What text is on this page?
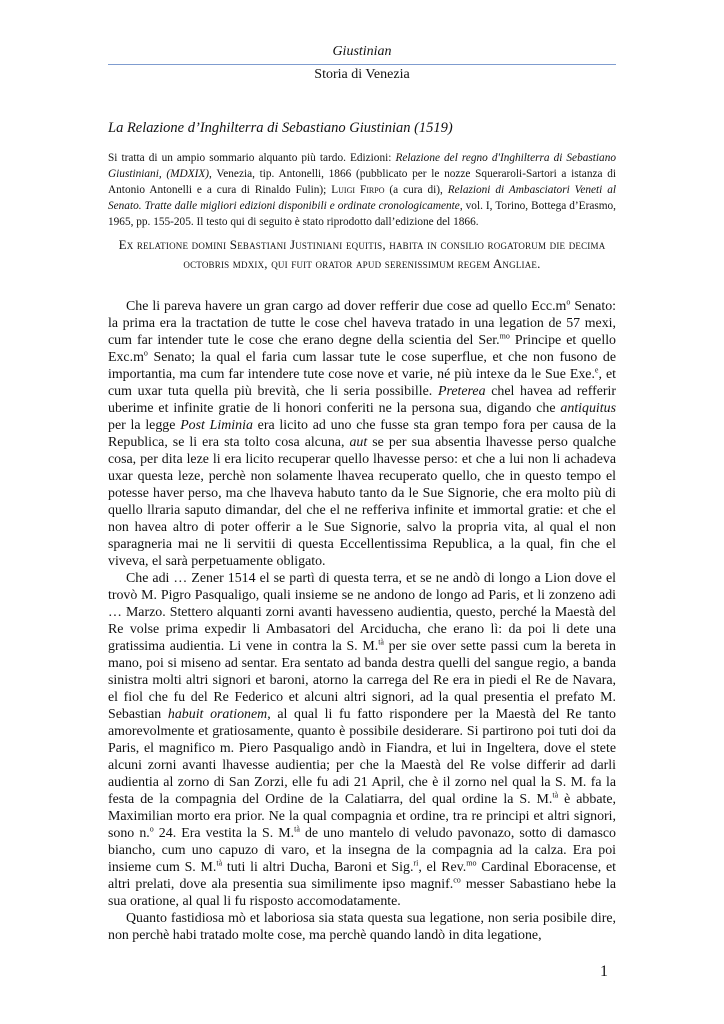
Giustinian
Storia di Venezia
La Relazione d’Inghilterra di Sebastiano Giustinian (1519)
Si tratta di un ampio sommario alquanto più tardo. Edizioni: Relazione del regno d'Inghilterra di Sebastiano Giustiniani, (MDXIX), Venezia, tip. Antonelli, 1866 (pubblicato per le nozze Squeraroli-Sartori a istanza di Antonio Antonelli e a cura di Rinaldo Fulin); Luigi Firpo (a cura di), Relazioni di Ambasciatori Veneti al Senato. Tratte dalle migliori edizioni disponibili e ordinate cronologicamente, vol. I, Torino, Bottega d’Erasmo, 1965, pp. 155-205. Il testo qui di seguito è stato riprodotto dall’edizione del 1866.
Ex relatione domini Sebastiani Justiniani equitis, habita in consilio rogatorum die decima octobris mdxix, qui fuit orator apud serenissimum regem Angliae.

Che li pareva havere un gran cargo ad dover refferir due cose ad quello $Ecc.m^o$ Senato: la prima era la tractation de tutte le cose chel haveva tratado in una legation de 57 mexi, cum far intender tute le cose che erano degne della scientia del Ser.$^{mo}$ Principe et quello $Exc.m^o$ Senato; la qual el faria cum lassar tute le cose superflue, et che non fusono de importantia, ma cum far intendere tute cose nove et varie, né più intexe da le Sue Exe.$^e$, et cum uxar tuta quella più brevità, che li seria possibille. Preterea chel havea ad refferir uberime et infinite gratie de li honori conferiti ne la persona sua, digando che antiquitus per la legge Post Liminia era licito ad uno che fusse sta gran tempo fora per causa de la Republica, se li era sta tolto cosa alcuna, aut se per sua absentia lhavesse perso qualche cosa, per dita leze li era licito recuperar quello lhavesse perso: et che a lui non li achadeva uxar questa leze, perchè non solamente lhavea recuperato quello, che in questo tempo el potesse haver perso, ma che lhaveva habuto tanto da le Sue Signorie, che era molto più di quello llraria saputo dimandar, del che el ne refferiva infinite et immortal gratie: et che el non havea altro di poter offerir a le Sue Signorie, salvo la propria vita, al qual el non sparagneria mai ne li servitii di questa Eccellentissima Republica, a la qual, fin che el viveva, el sarà perpetuamente obligato.

Che adi … Zener 1514 el se partì di questa terra, et se ne andò di longo a Lion dove el trovò M. Pigro Pasqualigo, quali insieme se ne andono de longo ad Paris, et li zonzeno adi … Marzo. Stettero alquanti zorni avanti havesseno audientia, questo, perché la Maestà del Re volse prima expedir li Ambasatori del Arciducha, che erano lì: da poi li dete una gratissima audientia. Li vene in contra la S. M.$^{tà}$ per sie over sette passi cum la bereta in mano, poi si miseno ad sentar. Era sentato ad banda destra quelli del sangue regio, a banda sinistra molti altri signori et baroni, atorno la carrega del Re era in piedi el Re de Navara, el fiol che fu del Re Federico et alcuni altri signori, ad la qual presentia el prefato M. Sebastian habuit orationem, al qual li fu fatto rispondere per la Maestà del Re tanto amorevolmente et gratiosamente, quanto è possibile desiderare. Si partirono poi tuti doi da Paris, el magnifico m. Piero Pasqualigo andò in Fiandra, et lui in Ingeltera, dove el stete alcuni zorni avanti lhavesse audientia; per che la Maestà del Re volse differir ad darli audientia al zorno di San Zorzi, elle fu adi 21 April, che è il zorno nel qual la S. M. fa la festa de la compagnia del Ordine de la Calatiarra, del qual ordine la S. M.$^{tà}$ è abbate, Maximilian morto era prior. Ne la qual compagnia et ordine, tra re principi et altri signori, sono n.$^o$ 24. Era vestita la S. M.$^{tà}$ de uno mantelo di veludo pavonazo, sotto di damasco biancho, cum uno capuzo di varo, et la insegna de la compagnia ad la calza. Era poi insieme cum S. M.$^{tà}$ tuti li altri Ducha, Baroni et Sig.$^{ri}$, el Rev.$^{mo}$ Cardinal Eboracense, et altri prelati, dove ala presentia sua similimente ipso magnif.$^{co}$ messer Sabastiano hebe la sua oratione, al qual li fu risposto accomodatamente.

Quanto fastidiosa mò et laboriosa sia stata questa sua legatione, non seria posibile dire, non perchè habi tratado molte cose, ma perchè quando landò in dita legatione,

1
